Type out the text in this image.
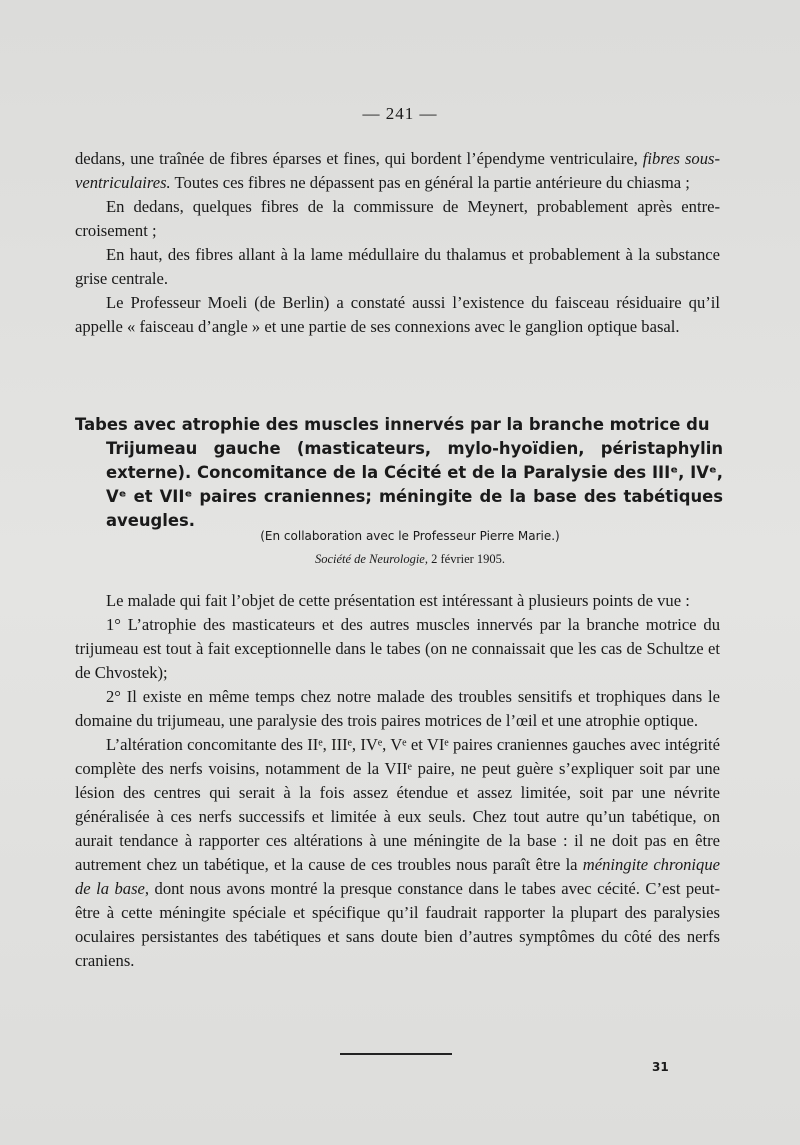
— 241 —

dedans, une traînée de fibres éparses et fines, qui bordent l’épendyme ventriculaire, fibres sous-ventriculaires. Toutes ces fibres ne dépassent pas en général la partie antérieure du chiasma ;

En dedans, quelques fibres de la commissure de Meynert, probablement après entre-croisement ;

En haut, des fibres allant à la lame médullaire du thalamus et probablement à la substance grise centrale.

Le Professeur Moeli (de Berlin) a constaté aussi l’existence du faisceau résiduaire qu’il appelle « faisceau d’angle » et une partie de ses connexions avec le ganglion optique basal.

Tabes avec atrophie des muscles innervés par la branche motrice du
Trijumeau gauche (masticateurs, mylo-hyoïdien, péristaphylin externe). Concomitance de la Cécité et de la Paralysie des IIIᵉ, IVᵉ, Vᵉ et VIIᵉ paires craniennes; méningite de la base des tabétiques aveugles.
(En collaboration avec le Professeur Pierre Marie.)
Société de Neurologie, 2 février 1905.

Le malade qui fait l’objet de cette présentation est intéressant à plusieurs points de vue :

1° L’atrophie des masticateurs et des autres muscles innervés par la branche motrice du trijumeau est tout à fait exceptionnelle dans le tabes (on ne connaissait que les cas de Schultze et de Chvostek);

2° Il existe en même temps chez notre malade des troubles sensitifs et trophiques dans le domaine du trijumeau, une paralysie des trois paires motrices de l’œil et une atrophie optique.

L’altération concomitante des IIᵉ, IIIᵉ, IVᵉ, Vᵉ et VIᵉ paires craniennes gauches avec intégrité complète des nerfs voisins, notamment de la VIIᵉ paire, ne peut guère s’expliquer soit par une lésion des centres qui serait à la fois assez étendue et assez limitée, soit par une névrite généralisée à ces nerfs successifs et limitée à eux seuls. Chez tout autre qu’un tabétique, on aurait tendance à rapporter ces altérations à une méningite de la base : il ne doit pas en être autrement chez un tabétique, et la cause de ces troubles nous paraît être la méningite chronique de la base, dont nous avons montré la presque constance dans le tabes avec cécité. C’est peut-être à cette méningite spéciale et spécifique qu’il faudrait rapporter la plupart des paralysies oculaires persistantes des tabétiques et sans doute bien d’autres symptômes du côté des nerfs craniens.

31
